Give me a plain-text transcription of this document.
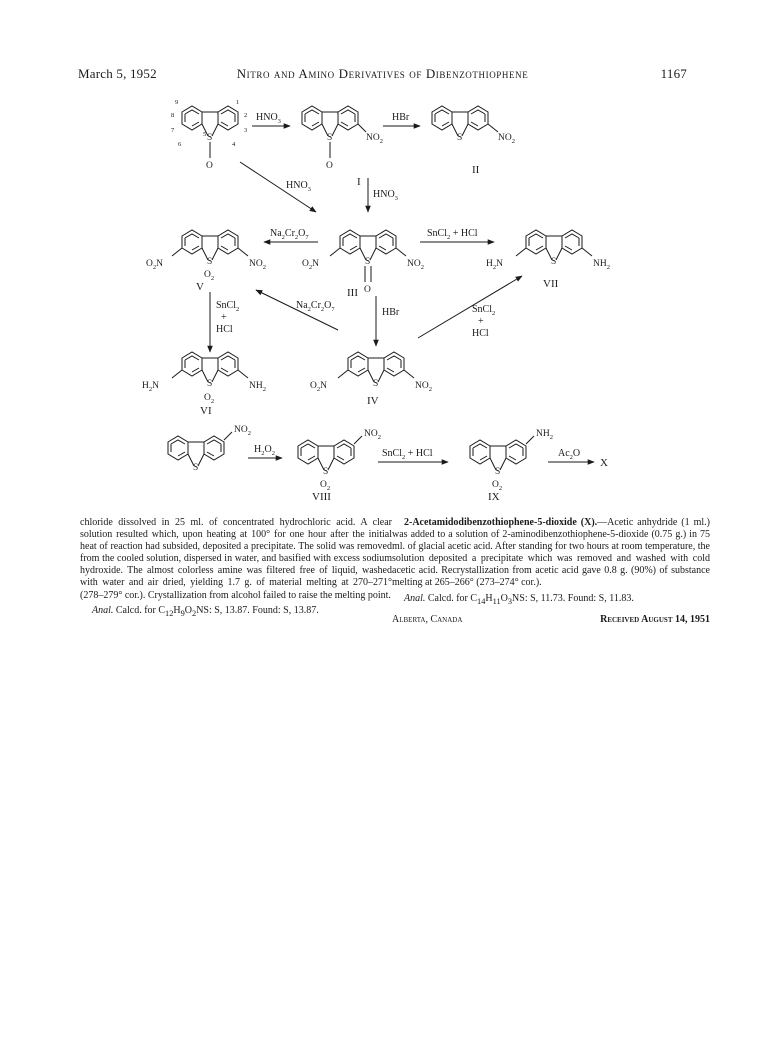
March 5, 1952	Nitro and Amino Derivatives of Dibenzothiophene	1167
S
O
9	1
8	2
7	3
6
5
4
$HNO_3$
S
O
$NO_2$
I
HBr
S	$NO_2$
II
$HNO_3$	$HNO_3$
S
$O_2$
$O_2N$	$NO_2$
V
$Na_2Cr_2O_7$
S
O
$O_2N$	$NO_2$
III
SnCl$_2$ + HCl
S
$H_2N$	$NH_2$
VII
SnCl$_2$
+
HCl
$Na_2Cr_2O_7$	HBr	SnCl$_2$
+
HCl
S
$O_2$
$H_2N$	$NH_2$
VI
S
$O_2N$	$NO_2$
IV
S
$NO_2$
$H_2O_2$
S
$O_2$
$NO_2$
VIII
SnCl$_2$ + HCl
S
$O_2$
$NH_2$
IX
$Ac_2O$
X

chloride dissolved in 25 ml. of concentrated hydrochloric acid. A clear solution resulted which, upon heating at 100° for one hour after the initial heat of reaction had subsided, deposited a precipitate. The solid was removed from the cooled solution, dispersed in water, and basified with excess sodium hydroxide. The almost colorless amine was filtered free of liquid, washed with water and air dried, yielding 1.7 g. of material melting at 270–271° (278–279° cor.). Crystallization from alcohol failed to raise the melting point.

Anal. Calcd. for $C_{12}H_9O_2NS$: S, 13.87. Found: S, 13.87.

2-Acetamidodibenzothiophene-5-dioxide (X).—Acetic anhydride (1 ml.) was added to a solution of 2-aminodibenzothiophene-5-dioxide (0.75 g.) in 75 ml. of glacial acetic acid. After standing for two hours at room temperature, the solution deposited a precipitate which was removed and washed with cold acetic acid. Recrystallization from acetic acid gave 0.8 g. (90%) of substance melting at 265–266° (273–274° cor.).

Anal. Calcd. for $C_{14}H_{11}O_3NS$: S, 11.73. Found: S, 11.83.

Alberta, Canada	Received August 14, 1951
